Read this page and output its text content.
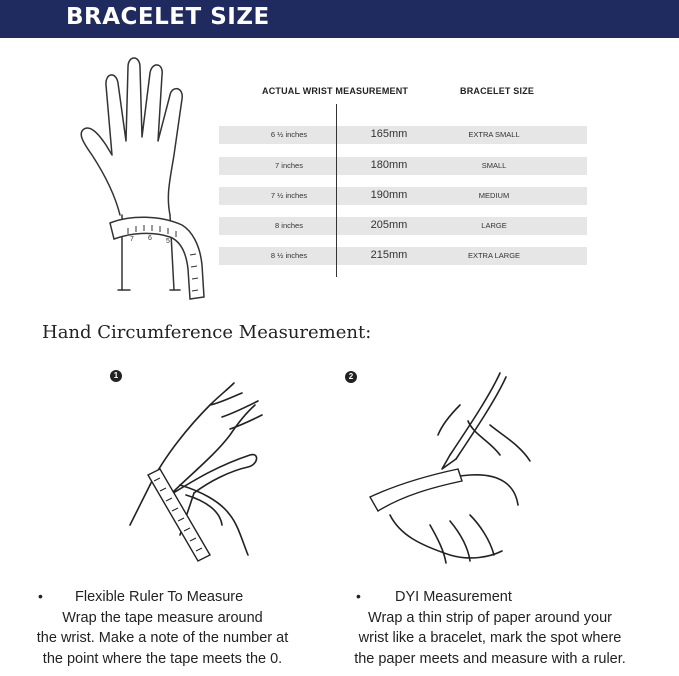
BRACELET SIZE
7 6 5
ACTUAL WRIST MEASUREMENT	BRACELET SIZE
6 ½ inches	165mm	EXTRA SMALL
7 inches	180mm	SMALL
7 ½ inches	190mm	MEDIUM
8 inches	205mm	LARGE
8 ½ inches	215mm	EXTRA LARGE
Hand Circumference Measurement:
1
• Flexible Ruler To Measure
Wrap the tape measure around
the wrist. Make a note of the number at
the point where the tape meets the 0.
2
• DYI Measurement
Wrap a thin strip of paper around your
wrist like a bracelet, mark the spot where
the paper meets and measure with a ruler.
